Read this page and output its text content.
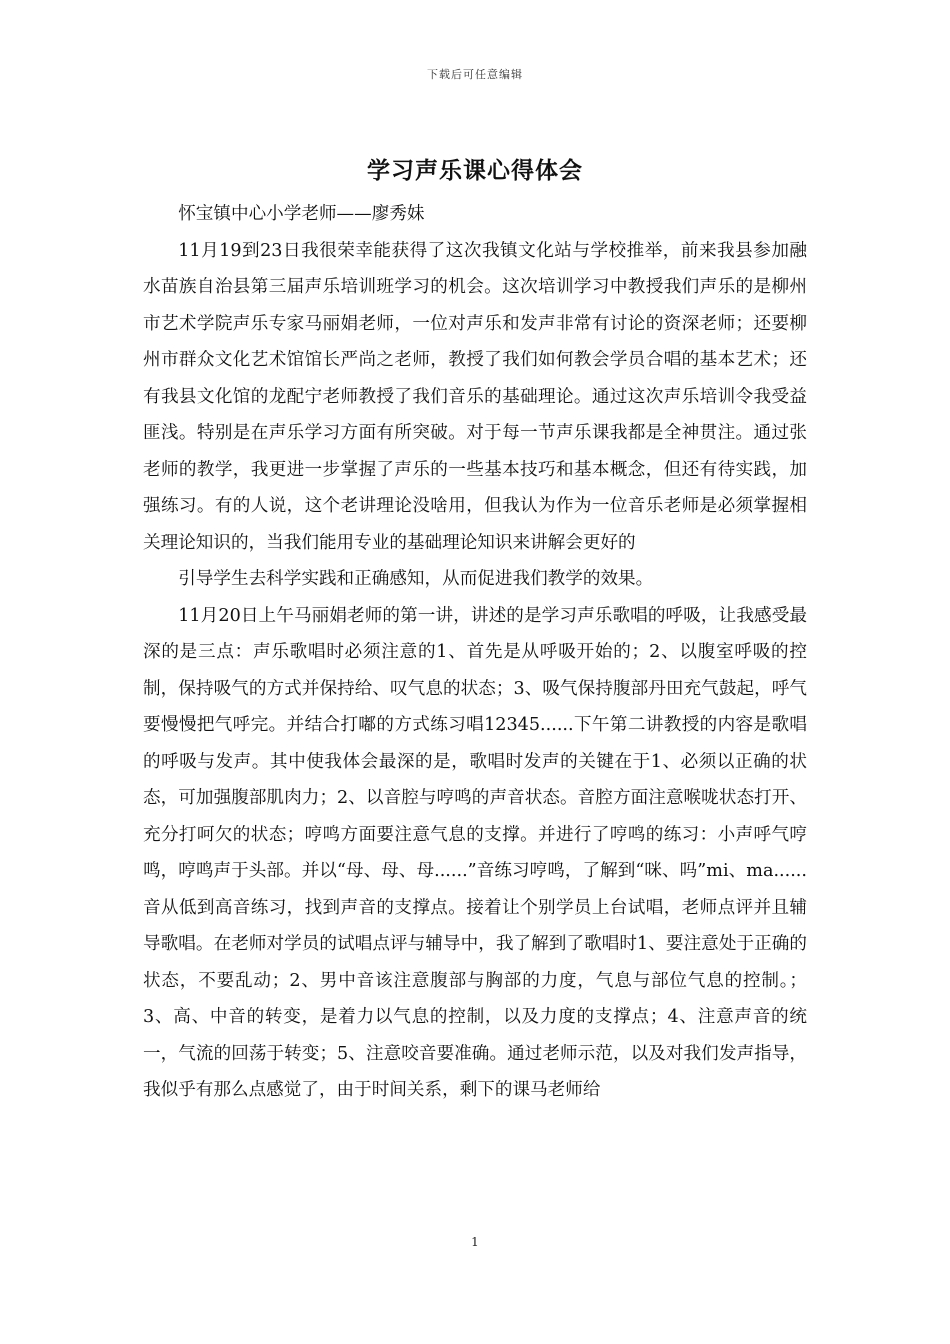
下载后可任意编辑
学习声乐课心得体会

怀宝镇中心小学老师——廖秀妹

11月19到23日我很荣幸能获得了这次我镇文化站与学校推举，前来我县参加融水苗族自治县第三届声乐培训班学习的机会。这次培训学习中教授我们声乐的是柳州市艺术学院声乐专家马丽娟老师，一位对声乐和发声非常有讨论的资深老师；还要柳州市群众文化艺术馆馆长严尚之老师，教授了我们如何教会学员合唱的基本艺术；还有我县文化馆的龙配宁老师教授了我们音乐的基础理论。通过这次声乐培训令我受益匪浅。特别是在声乐学习方面有所突破。对于每一节声乐课我都是全神贯注。通过张老师的教学，我更进一步掌握了声乐的一些基本技巧和基本概念，但还有待实践，加强练习。有的人说，这个老讲理论没啥用，但我认为作为一位音乐老师是必须掌握相关理论知识的，当我们能用专业的基础理论知识来讲解会更好的

引导学生去科学实践和正确感知，从而促进我们教学的效果。

11月20日上午马丽娟老师的第一讲，讲述的是学习声乐歌唱的呼吸，让我感受最深的是三点：声乐歌唱时必须注意的1、首先是从呼吸开始的；2、以腹室呼吸的控制，保持吸气的方式并保持给、叹气息的状态；3、吸气保持腹部丹田充气鼓起，呼气要慢慢把气呼完。并结合打嘟的方式练习唱12345......下午第二讲教授的内容是歌唱的呼吸与发声。其中使我体会最深的是，歌唱时发声的关键在于1、必须以正确的状态，可加强腹部肌肉力；2、以音腔与哼鸣的声音状态。音腔方面注意喉咙状态打开、充分打呵欠的状态；哼鸣方面要注意气息的支撑。并进行了哼鸣的练习：小声呼气哼鸣，哼鸣声于头部。并以“母、母、母......”音练习哼鸣，了解到“咪、吗”mi、ma......音从低到高音练习，找到声音的支撑点。接着让个别学员上台试唱，老师点评并且辅导歌唱。在老师对学员的试唱点评与辅导中，我了解到了歌唱时1、要注意处于正确的状态，不要乱动；2、男中音该注意腹部与胸部的力度，气息与部位气息的控制。；3、高、中音的转变，是着力以气息的控制，以及力度的支撑点；4、注意声音的统一，气流的回荡于转变；5、注意咬音要准确。通过老师示范，以及对我们发声指导，我似乎有那么点感觉了，由于时间关系，剩下的课马老师给

1
